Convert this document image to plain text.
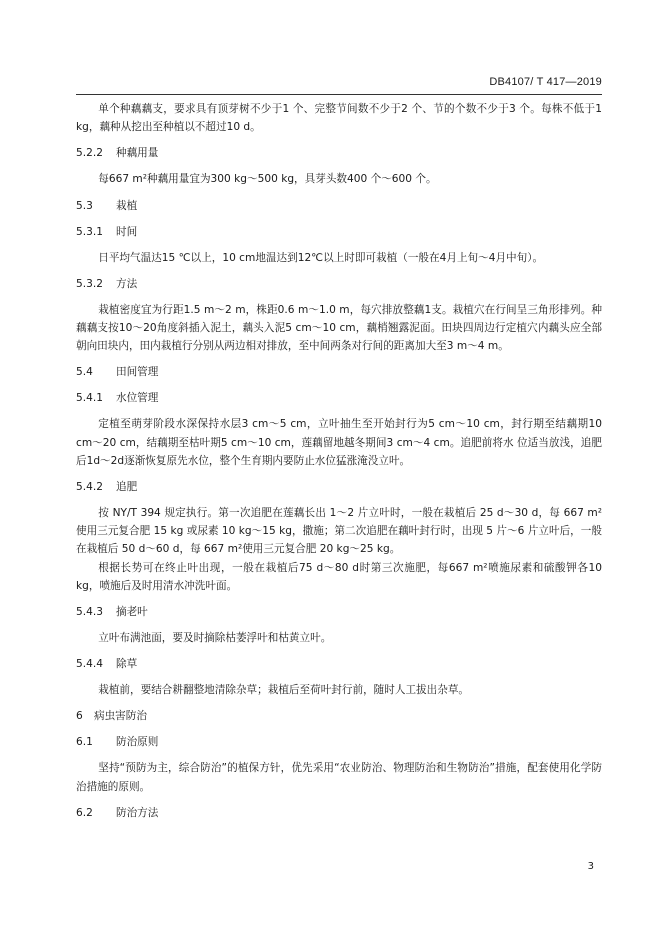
DB4107/ T 417—2019

单个种藕藕支，要求具有顶芽树不少于1 个、完整节间数不少于2 个、节的个数不少于3 个。每株不低于1 kg，藕种从挖出至种植以不超过10 d。

5.2.2 种藕用量

每667 m²种藕用量宜为300 kg～500 kg，具芽头数400 个～600 个。

5.3 栽植

5.3.1 时间

日平均气温达15 ℃以上，10 cm地温达到12℃以上时即可栽植（一般在4月上旬～4月中旬）。

5.3.2 方法

栽植密度宜为行距1.5 m～2 m，株距0.6 m～1.0 m，每穴排放整藕1支。栽植穴在行间呈三角形排列。种藕藕支按10～20角度斜插入泥土，藕头入泥5 cm～10 cm，藕梢翘露泥面。田块四周边行定植穴内藕头应全部朝向田块内，田内栽植行分别从两边相对排放，至中间两条对行间的距离加大至3 m～4 m。

5.4 田间管理

5.4.1 水位管理

定植至萌芽阶段水深保持水层3 cm～5 cm，立叶抽生至开始封行为5 cm～10 cm，封行期至结藕期10 cm～20 cm，结藕期至枯叶期5 cm～10 cm，莲藕留地越冬期间3 cm～4 cm。追肥前将水 位适当放浅，追肥后1d～2d逐渐恢复原先水位，整个生育期内要防止水位猛涨淹没立叶。

5.4.2 追肥

按 NY/T 394 规定执行。第一次追肥在莲藕长出 1～2 片立叶时，一般在栽植后 25 d～30 d，每 667 m²使用三元复合肥 15 kg 或尿素 10 kg～15 kg，撒施；第二次追肥在藕叶封行时，出现 5 片～6 片立叶后，一般在栽植后 50 d～60 d，每 667 m²使用三元复合肥 20 kg～25 kg。

根据长势可在终止叶出现，一般在栽植后75 d～80 d时第三次施肥，每667 m²喷施尿素和硫酸钾各10 kg，喷施后及时用清水冲洗叶面。

5.4.3 摘老叶

立叶布满池面，要及时摘除枯萎浮叶和枯黄立叶。

5.4.4 除草

栽植前，要结合耕翻整地清除杂草；栽植后至荷叶封行前，随时人工拔出杂草。

6 病虫害防治

6.1 防治原则

坚持“预防为主，综合防治”的植保方针，优先采用“农业防治、物理防治和生物防治”措施，配套使用化学防治措施的原则。

6.2 防治方法

3
